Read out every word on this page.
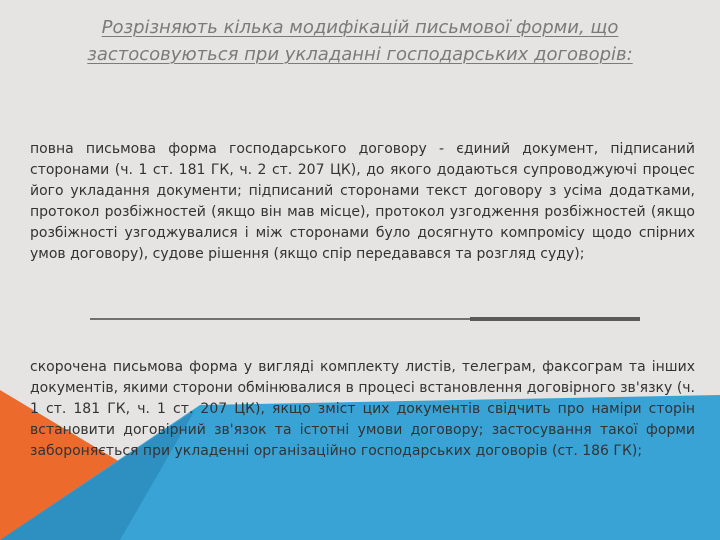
Розрізняють кілька модифікацій письмової форми, що застосовуються при укладанні господарських договорів:
повна письмова форма господарського договору - єдиний документ, підписаний сторонами (ч. 1 ст. 181 ГК, ч. 2 ст. 207 ЦК), до якого додаються супроводжуючі процес його укладання документи; підписаний сторонами текст договору з усіма додатками, протокол розбіжностей (якщо він мав місце), протокол узгодження розбіжностей (якщо розбіжності узгоджувалися і між сторонами було досягнуто компромісу щодо спірних умов договору), судове рішення (якщо спір передавався та розгляд суду);
скорочена письмова форма у вигляді комплекту листів, телеграм, факсограм та інших документів, якими сторони обмінювалися в процесі встановлення договірного зв'язку (ч. 1 ст. 181 ГК, ч. 1 ст. 207 ЦК), якщо зміст цих документів свідчить про наміри сторін встановити договірний зв'язок та істотні умови договору; застосування такої форми забороняється при укладенні організаційно господарських договорів (ст. 186 ГК);
